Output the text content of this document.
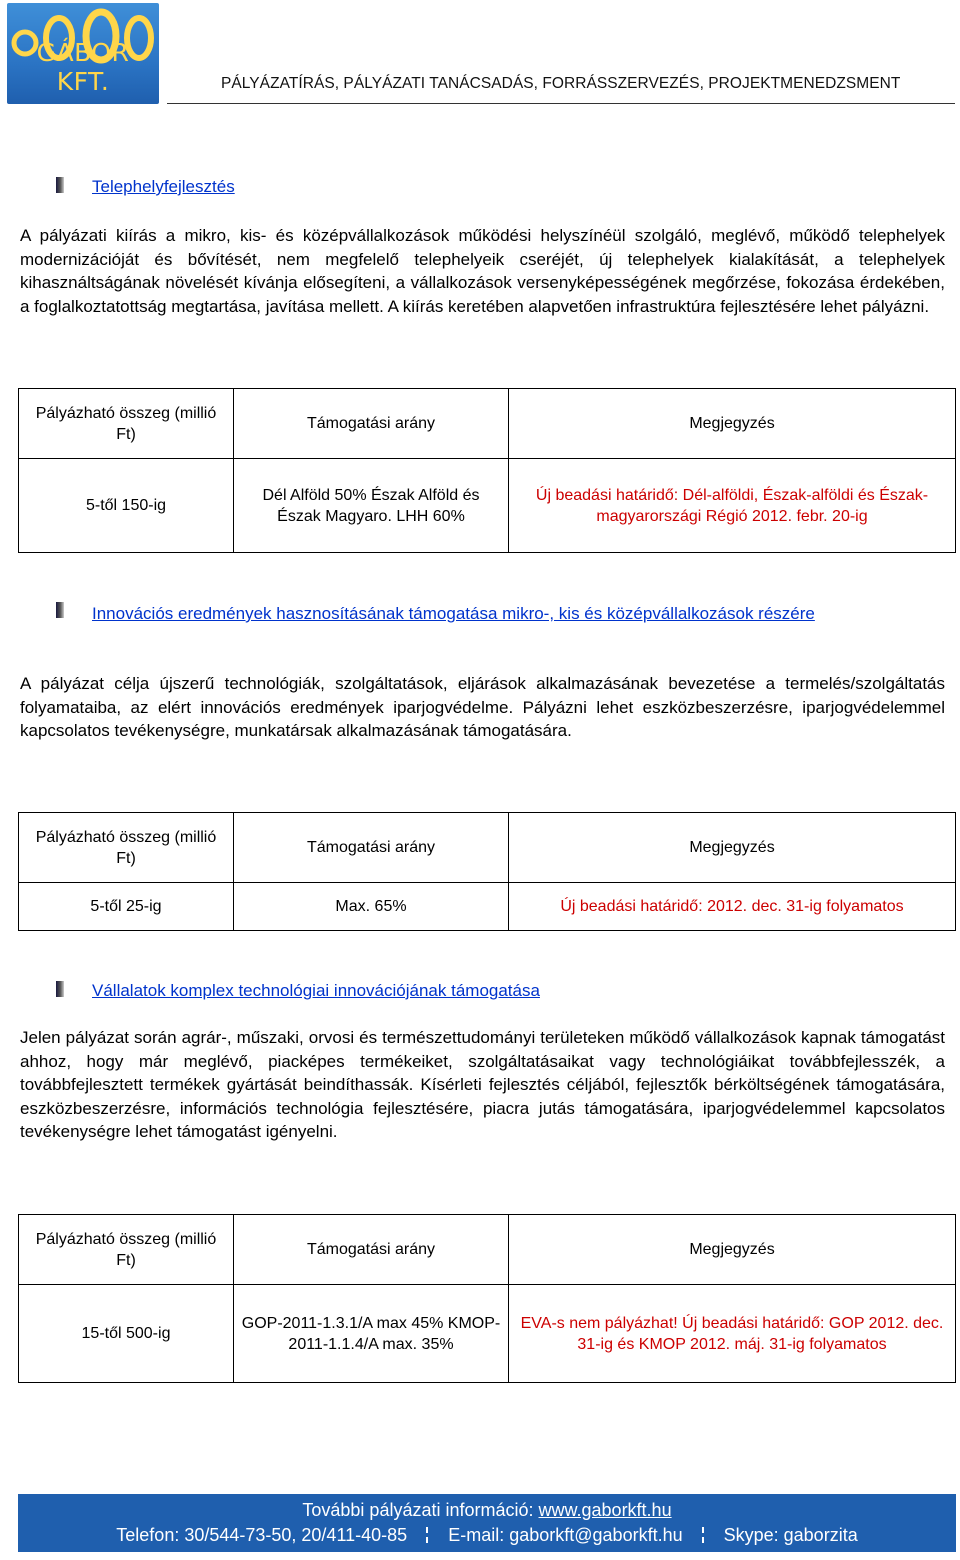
GÁBOR KFT.	PÁLYÁZATÍRÁS, PÁLYÁZATI TANÁCSADÁS, FORRÁSSZERVEZÉS, PROJEKTMENEDZSMENT
Telephelyfejlesztés

A pályázati kiírás a mikro, kis- és középvállalkozások működési helyszínéül szolgáló, meglévő, működő telephelyek modernizációját és bővítését, nem megfelelő telephelyeik cseréjét, új telephelyek kialakítását, a telephelyek kihasználtságának növelését kívánja elősegíteni, a vállalkozások versenyképességének megőrzése, fokozása érdekében, a foglalkoztatottság megtartása, javítása mellett. A kiírás keretében alapvetően infrastruktúra fejlesztésére lehet pályázni.

Pályázható összeg (millió Ft)	Támogatási arány	Megjegyzés
5-től 150-ig	Dél Alföld 50% Észak Alföld és Észak Magyaro. LHH 60%	Új beadási határidő: Dél-alföldi, Észak-alföldi és Észak-magyarországi Régió 2012. febr. 20-ig
Innovációs eredmények hasznosításának támogatása mikro-, kis és középvállalkozások részére

A pályázat célja újszerű technológiák, szolgáltatások, eljárások alkalmazásának bevezetése a termelés/szolgáltatás folyamataiba, az elért innovációs eredmények iparjogvédelme. Pályázni lehet eszközbeszerzésre, iparjogvédelemmel kapcsolatos tevékenységre, munkatársak alkalmazásának támogatására.

Pályázható összeg (millió Ft)	Támogatási arány	Megjegyzés
5-től 25-ig	Max. 65%	Új beadási határidő: 2012. dec. 31-ig folyamatos
Vállalatok komplex technológiai innovációjának támogatása

Jelen pályázat során agrár-, műszaki, orvosi és természettudományi területeken működő vállalkozások kapnak támogatást ahhoz, hogy már meglévő, piacképes termékeiket, szolgáltatásaikat vagy technológiáikat továbbfejlesszék, a továbbfejlesztett termékek gyártását beindíthassák. Kísérleti fejlesztés céljából, fejlesztők bérköltségének támogatására, eszközbeszerzésre, információs technológia fejlesztésére, piacra jutás támogatására, iparjogvédelemmel kapcsolatos tevékenységre lehet támogatást igényelni.

Pályázható összeg (millió Ft)	Támogatási arány	Megjegyzés
15-től 500-ig	GOP-2011-1.3.1/A max 45% KMOP-2011-1.1.4/A max. 35%	EVA-s nem pályázhat! Új beadási határidő: GOP 2012. dec. 31-ig és KMOP 2012. máj. 31-ig folyamatos
További pályázati információ: www.gaborkft.hu
Telefon: 30/544-73-50, 20/411-40-85 E-mail: gaborkft@gaborkft.hu Skype: gaborzita
